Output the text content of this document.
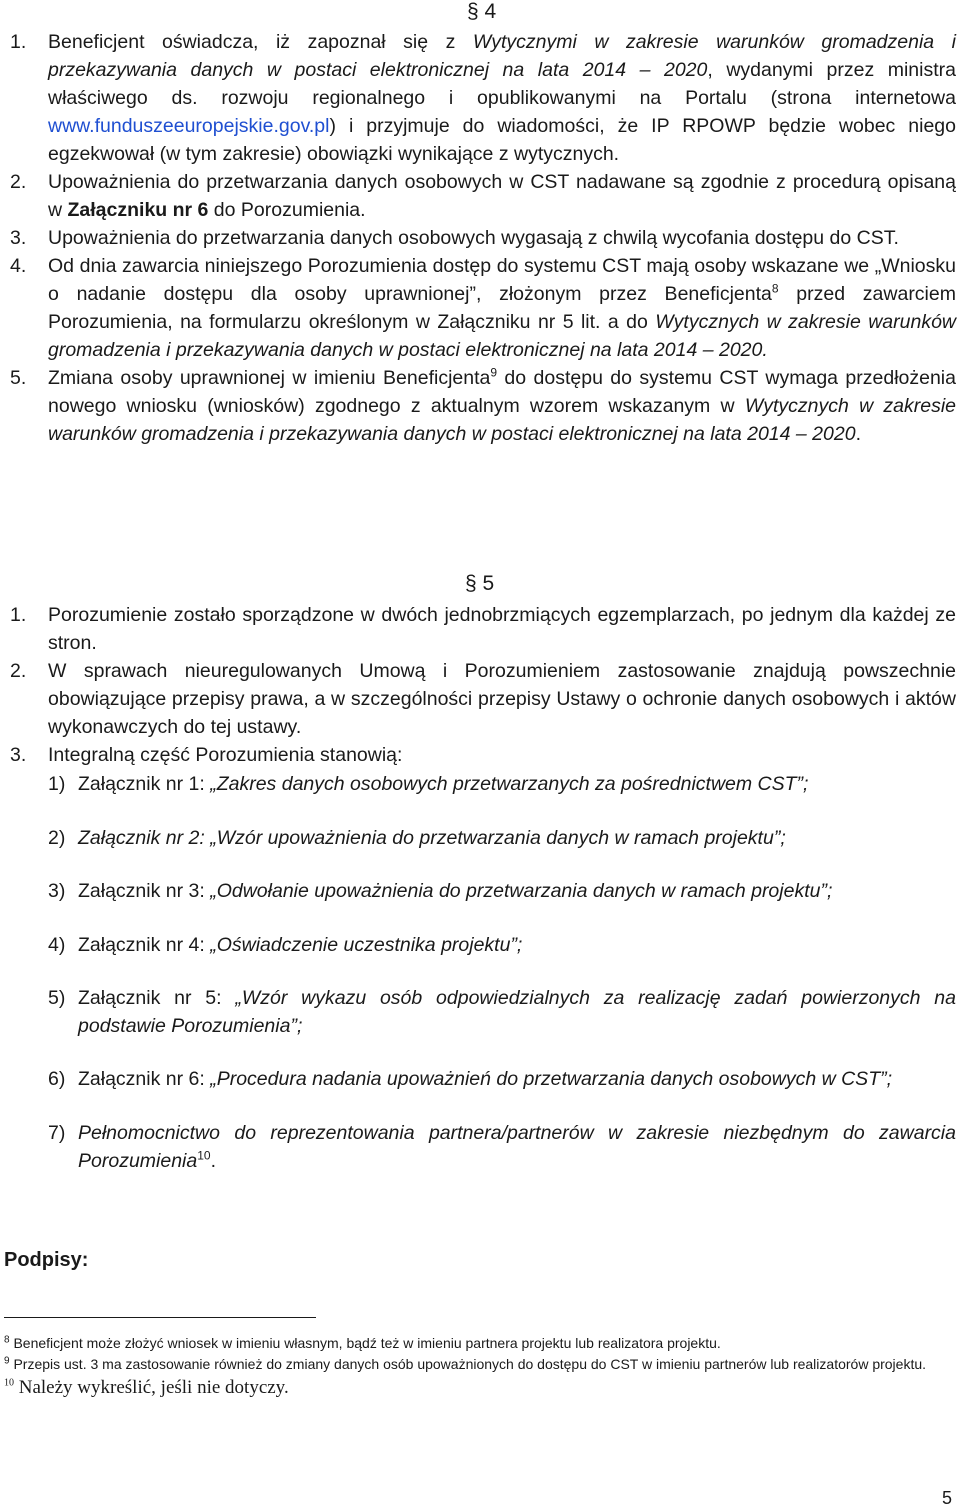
§ 4
1. Beneficjent oświadcza, iż zapoznał się z Wytycznymi w zakresie warunków gromadzenia i przekazywania danych w postaci elektronicznej na lata 2014 – 2020, wydanymi przez ministra właściwego ds. rozwoju regionalnego i opublikowanymi na Portalu (strona internetowa www.funduszeeuropejskie.gov.pl) i przyjmuje do wiadomości, że IP RPOWP będzie wobec niego egzekwował (w tym zakresie) obowiązki wynikające z wytycznych.
2. Upoważnienia do przetwarzania danych osobowych w CST nadawane są zgodnie z procedurą opisaną w Załączniku nr 6 do Porozumienia.
3. Upoważnienia do przetwarzania danych osobowych wygasają z chwilą wycofania dostępu do CST.
4. Od dnia zawarcia niniejszego Porozumienia dostęp do systemu CST mają osoby wskazane we „Wniosku o nadanie dostępu dla osoby uprawnionej”, złożonym przez Beneficjenta$^8$ przed zawarciem Porozumienia, na formularzu określonym w Załączniku nr 5 lit. a do Wytycznych w zakresie warunków gromadzenia i przekazywania danych w postaci elektronicznej na lata 2014 – 2020.
5. Zmiana osoby uprawnionej w imieniu Beneficjenta$^9$ do dostępu do systemu CST wymaga przedłożenia nowego wniosku (wniosków) zgodnego z aktualnym wzorem wskazanym w Wytycznych w zakresie warunków gromadzenia i przekazywania danych w postaci elektronicznej na lata 2014 – 2020.
§ 5
1. Porozumienie zostało sporządzone w dwóch jednobrzmiących egzemplarzach, po jednym dla każdej ze stron.
2. W sprawach nieuregulowanych Umową i Porozumieniem zastosowanie znajdują powszechnie obowiązujące przepisy prawa, a w szczególności przepisy Ustawy o ochronie danych osobowych i aktów wykonawczych do tej ustawy.
3. Integralną część Porozumienia stanowią:
1) Załącznik nr 1: „Zakres danych osobowych przetwarzanych za pośrednictwem CST”;
2) Załącznik nr 2: „Wzór upoważnienia do przetwarzania danych w ramach projektu”;
3) Załącznik nr 3: „Odwołanie upoważnienia do przetwarzania danych w ramach projektu”;
4) Załącznik nr 4: „Oświadczenie uczestnika projektu”;
5) Załącznik nr 5: „Wzór wykazu osób odpowiedzialnych za realizację zadań powierzonych na podstawie Porozumienia”;
6) Załącznik nr 6: „Procedura nadania upoważnień do przetwarzania danych osobowych w CST”;
7) Pełnomocnictwo do reprezentowania partnera/partnerów w zakresie niezbędnym do zawarcia Porozumienia$^{10}$.
Podpisy:
$^8$ Beneficjent może złożyć wniosek w imieniu własnym, bądź też w imieniu partnera projektu lub realizatora projektu.
$^9$ Przepis ust. 3 ma zastosowanie również do zmiany danych osób upoważnionych do dostępu do CST w imieniu partnerów lub realizatorów projektu.
$^{10}$ Należy wykreślić, jeśli nie dotyczy.
5
